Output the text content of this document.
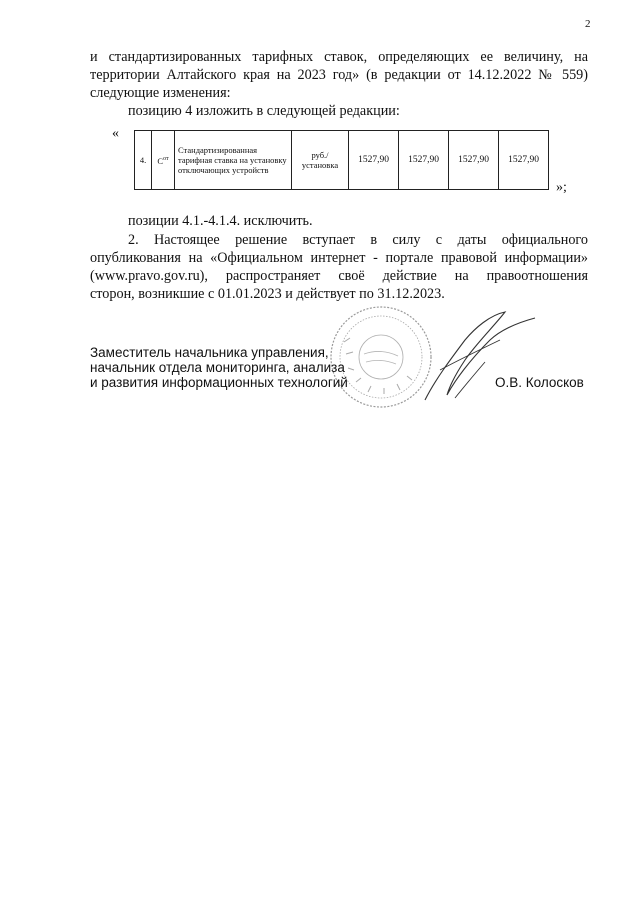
2
и стандартизированных тарифных ставок, определяющих ее величину, на
территории Алтайского края на 2023 год» (в редакции от 14.12.2022 № 559)
следующие изменения:
позицию 4 изложить в следующей редакции:
«
4.	$C^{от}$	Стандартизированная тарифная ставка на установку отключающих устройств	руб./ установка	1527,90	1527,90	1527,90	1527,90
»;
позиции 4.1.-4.1.4. исключить.
2. Настоящее решение вступает в силу с даты официального
опубликования на «Официальном интернет - портале правовой информации»
(www.pravo.gov.ru), распространяет своё действие на правоотношения
сторон, возникшие с 01.01.2023 и действует по 31.12.2023.
Заместитель начальника управления,
начальник отдела мониторинга, анализа
и развития информационных технологий	О.В. Колосков
